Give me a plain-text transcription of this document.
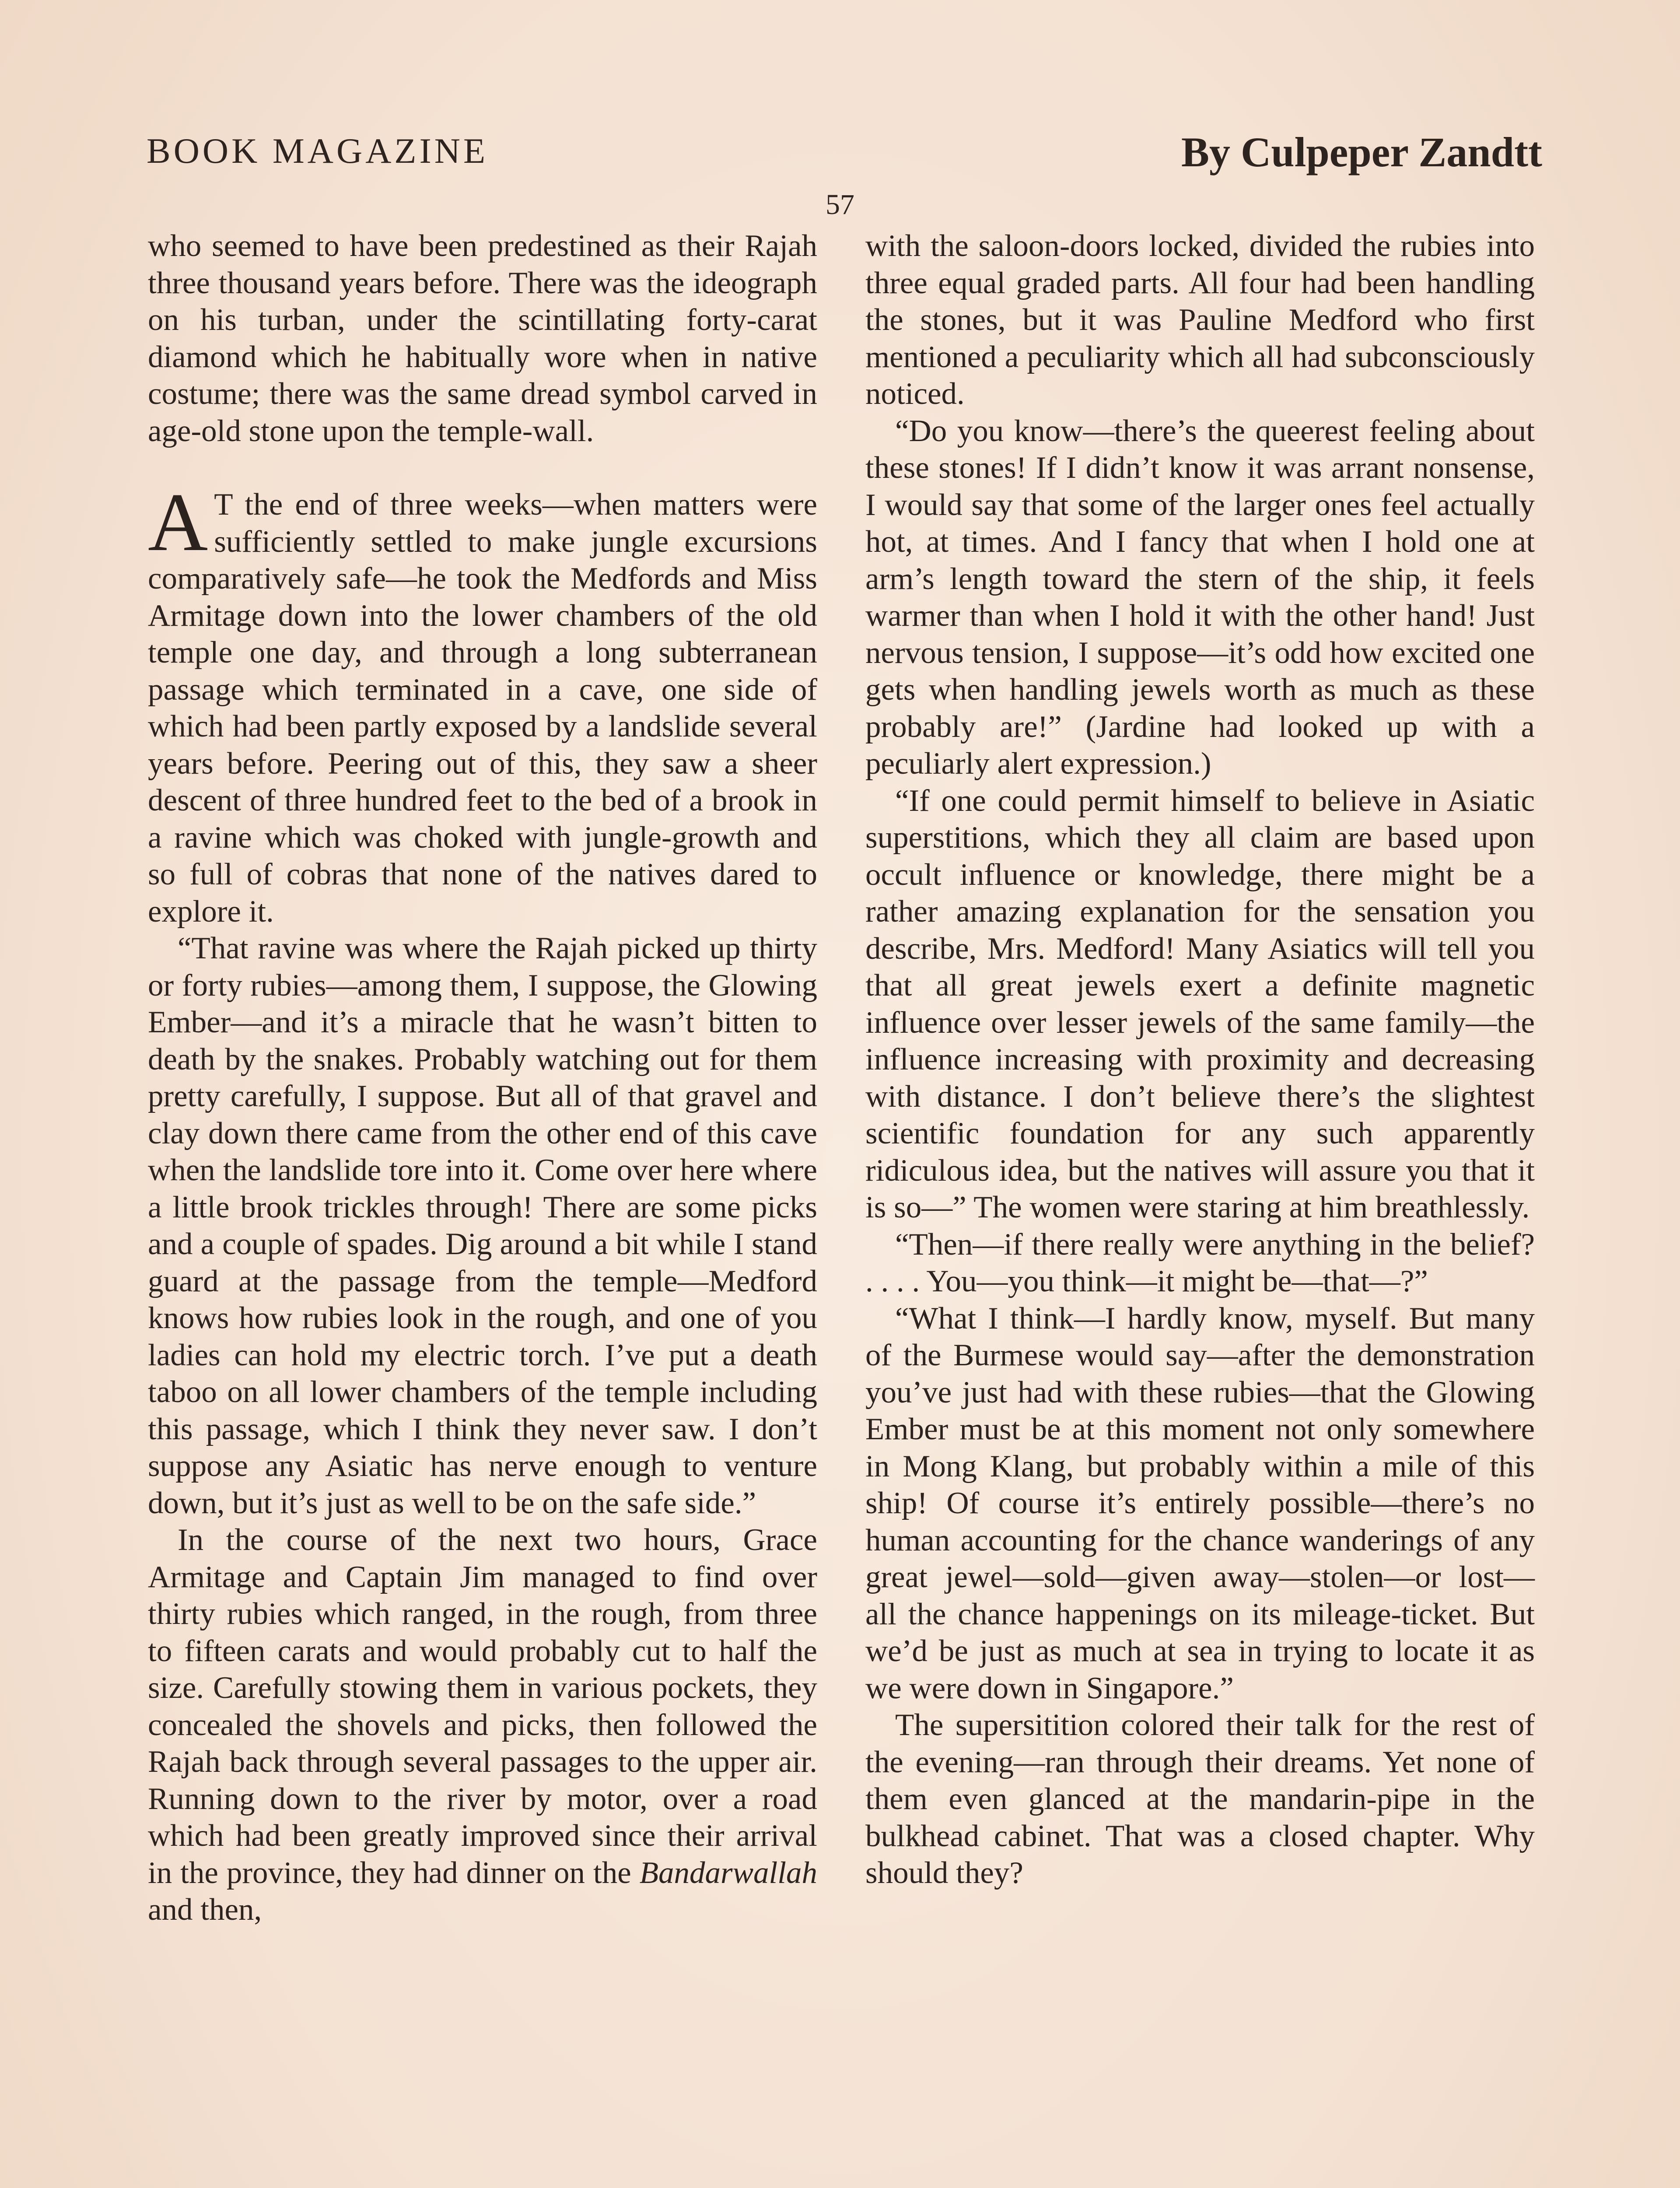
BOOK MAGAZINE	By Culpeper Zandtt
57

who seemed to have been predestined as their Rajah three thousand years before. There was the ideograph on his turban, under the scintillating forty-carat diamond which he habitually wore when in native costume; there was the same dread symbol carved in age-old stone upon the temple-wall.

A T the end of three weeks—when matters were sufficiently settled to make jungle excursions comparatively safe—he took the Medfords and Miss Armitage down into the lower chambers of the old temple one day, and through a long subterranean passage which terminated in a cave, one side of which had been partly exposed by a landslide several years before. Peering out of this, they saw a sheer descent of three hundred feet to the bed of a brook in a ravine which was choked with jungle-growth and so full of cobras that none of the natives dared to explore it.

“That ravine was where the Rajah picked up thirty or forty rubies—among them, I suppose, the Glowing Ember—and it’s a miracle that he wasn’t bitten to death by the snakes. Probably watching out for them pretty carefully, I suppose. But all of that gravel and clay down there came from the other end of this cave when the landslide tore into it. Come over here where a little brook trickles through! There are some picks and a couple of spades. Dig around a bit while I stand guard at the passage from the temple—Medford knows how rubies look in the rough, and one of you ladies can hold my electric torch. I’ve put a death taboo on all lower chambers of the temple including this passage, which I think they never saw. I don’t suppose any Asiatic has nerve enough to venture down, but it’s just as well to be on the safe side.”

In the course of the next two hours, Grace Armitage and Captain Jim managed to find over thirty rubies which ranged, in the rough, from three to fifteen carats and would probably cut to half the size. Carefully stowing them in various pockets, they concealed the shovels and picks, then followed the Rajah back through several passages to the upper air. Running down to the river by motor, over a road which had been greatly improved since their arrival in the province, they had dinner on the Bandarwallah and then,

with the saloon-doors locked, divided the rubies into three equal graded parts. All four had been handling the stones, but it was Pauline Medford who first mentioned a peculiarity which all had subconsciously noticed.

“Do you know—there’s the queerest feeling about these stones! If I didn’t know it was arrant nonsense, I would say that some of the larger ones feel actually hot, at times. And I fancy that when I hold one at arm’s length toward the stern of the ship, it feels warmer than when I hold it with the other hand! Just nervous tension, I suppose—it’s odd how excited one gets when handling jewels worth as much as these probably are!” (Jardine had looked up with a peculiarly alert expression.)

“If one could permit himself to believe in Asiatic superstitions, which they all claim are based upon occult influence or knowledge, there might be a rather amazing explanation for the sensation you describe, Mrs. Medford! Many Asiatics will tell you that all great jewels exert a definite magnetic influence over lesser jewels of the same family—the influence increasing with proximity and decreasing with distance. I don’t believe there’s the slightest scientific foundation for any such apparently ridiculous idea, but the natives will assure you that it is so—” The women were staring at him breathlessly.

“Then—if there really were anything in the belief? . . . . You—you think—it might be—that—?”

“What I think—I hardly know, myself. But many of the Burmese would say—after the demonstration you’ve just had with these rubies—that the Glowing Ember must be at this moment not only somewhere in Mong Klang, but probably within a mile of this ship! Of course it’s entirely possible—there’s no human accounting for the chance wanderings of any great jewel—sold—given away—stolen—or lost—all the chance happenings on its mileage-ticket. But we’d be just as much at sea in trying to locate it as we were down in Singapore.”

The supersitition colored their talk for the rest of the evening—ran through their dreams. Yet none of them even glanced at the mandarin-pipe in the bulkhead cabinet. That was a closed chapter. Why should they?
